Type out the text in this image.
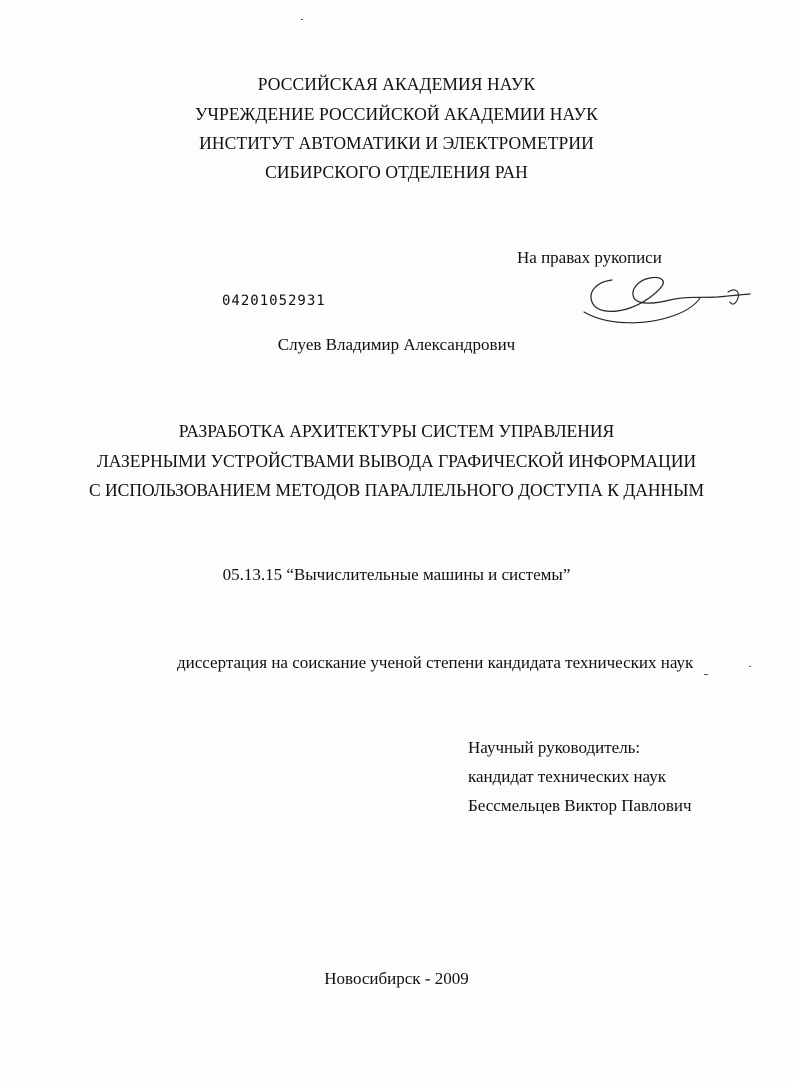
РОССИЙСКАЯ АКАДЕМИЯ НАУК
УЧРЕЖДЕНИЕ РОССИЙСКОЙ АКАДЕМИИ НАУК
ИНСТИТУТ АВТОМАТИКИ И ЭЛЕКТРОМЕТРИИ
СИБИРСКОГО ОТДЕЛЕНИЯ РАН
На правах рукописи
04201052931
Слуев Владимир Александрович
РАЗРАБОТКА АРХИТЕКТУРЫ СИСТЕМ УПРАВЛЕНИЯ
ЛАЗЕРНЫМИ УСТРОЙСТВАМИ ВЫВОДА ГРАФИЧЕСКОЙ ИНФОРМАЦИИ
С ИСПОЛЬЗОВАНИЕМ МЕТОДОВ ПАРАЛЛЕЛЬНОГО ДОСТУПА К ДАННЫМ
05.13.15 “Вычислительные машины и системы”
диссертация на соискание ученой степени кандидата технических наук
Научный руководитель:
кандидат технических наук
Бессмельцев Виктор Павлович
Новосибирск - 2009
